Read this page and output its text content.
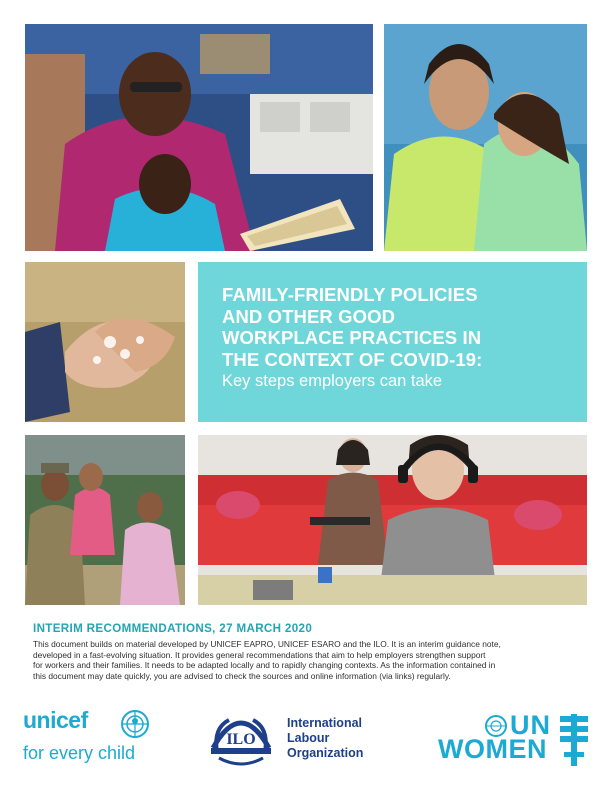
FAMILY-FRIENDLY POLICIES
AND OTHER GOOD
WORKPLACE PRACTICES IN
THE CONTEXT OF COVID-19:
Key steps employers can take
INTERIM RECOMMENDATIONS, 27 MARCH 2020
This document builds on material developed by UNICEF EAPRO, UNICEF ESARO and the ILO. It is an interim guidance note,
developed in a fast-evolving situation. It provides general recommendations that aim to help employers strengthen support
for workers and their families. It needs to be adapted locally and to rapidly changing contexts. As the information contained in
this document may date quickly, you are advised to check the sources and online information (via links) regularly.
unicef
for every child
ILO
International
Labour
Organization
UN
WOMEN
